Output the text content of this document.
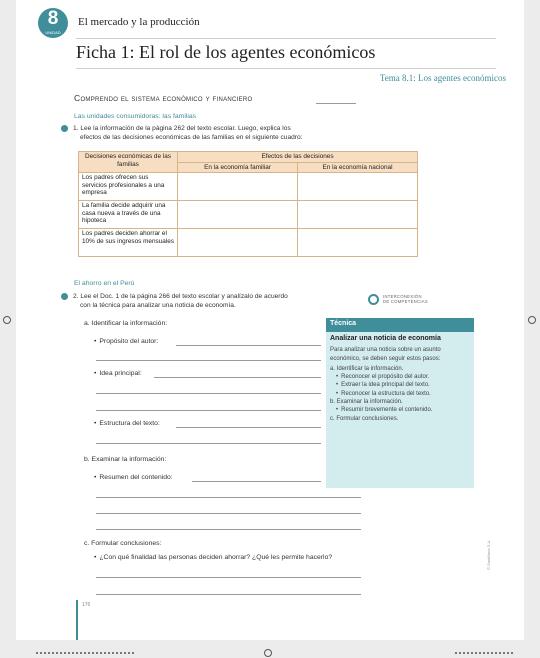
8
UNIDAD
El mercado y la producción
Ficha 1: El rol de los agentes económicos
Tema 8.1: Los agentes económicos
Comprendo el sistema económico y financiero
Las unidades consumidoras: las familias
1. Lee la información de la página 262 del texto escolar. Luego, explica los
efectos de las decisiones económicas de las familias en el siguiente cuadro:
Decisiones económicas de las familias	Efectos de las decisiones	
	En la economía familiar	En la economía nacional
Los padres ofrecen sus servicios profesionales a una empresa		
La familia decide adquirir una casa nueva a través de una hipoteca		
Los padres deciden ahorrar el 10% de sus ingresos mensuales		
El ahorro en el Perú
2. Lee el Doc. 1 de la página 266 del texto escolar y analízalo de acuerdo
con la técnica para analizar una noticia de economía.
INTERCONEXIÓN
DE COMPETENCIAS
a. Identificar la información:
• Propósito del autor:
• Idea principal:
• Estructura del texto:
b. Examinar la información:
• Resumen del contenido:
c. Formular conclusiones:
• ¿Con qué finalidad las personas deciden ahorrar? ¿Qué les permite hacerlo?
Técnica
Analizar una noticia de economía
Para analizar una noticia sobre un asunto económico, se deben seguir estos pasos:
a. Identificar la información.
• Reconocer el propósito del autor.
• Extraer la idea principal del texto.
• Reconocer la estructura del texto.
b. Examinar la información.
• Resumir brevemente el contenido.
c. Formular conclusiones.
176
© Santillana S.A.
